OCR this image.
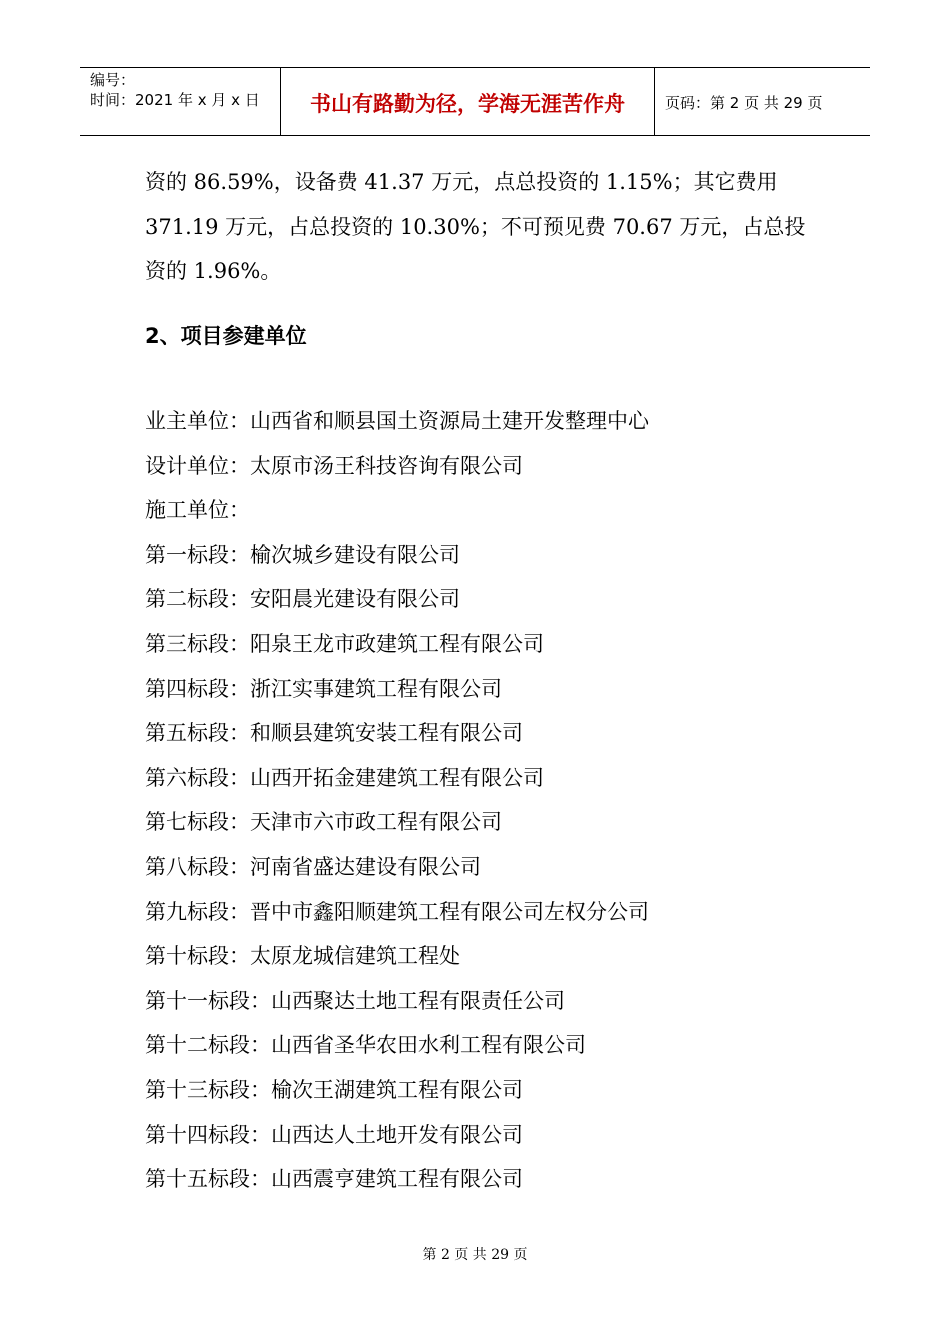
编号：
时间：2021 年 x 月 x 日	书山有路勤为径，学海无涯苦作舟	页码：第 2 页 共 29 页

资的 86.59%，设备费 41.37 万元，点总投资的 1.15%；其它费用

371.19 万元，占总投资的 10.30%；不可预见费 70.67 万元，占总投

资的 1.96%。

2、项目参建单位
业主单位：山西省和顺县国土资源局土建开发整理中心
设计单位：太原市汤王科技咨询有限公司
施工单位：
第一标段：榆次城乡建设有限公司
第二标段：安阳晨光建设有限公司
第三标段：阳泉王龙市政建筑工程有限公司
第四标段：浙江实事建筑工程有限公司
第五标段：和顺县建筑安装工程有限公司
第六标段：山西开拓金建建筑工程有限公司
第七标段：天津市六市政工程有限公司
第八标段：河南省盛达建设有限公司
第九标段：晋中市鑫阳顺建筑工程有限公司左权分公司
第十标段：太原龙城信建筑工程处
第十一标段：山西聚达土地工程有限责任公司
第十二标段：山西省圣华农田水利工程有限公司
第十三标段：榆次王湖建筑工程有限公司
第十四标段：山西达人土地开发有限公司
第十五标段：山西震亨建筑工程有限公司
第 2 页 共 29 页
